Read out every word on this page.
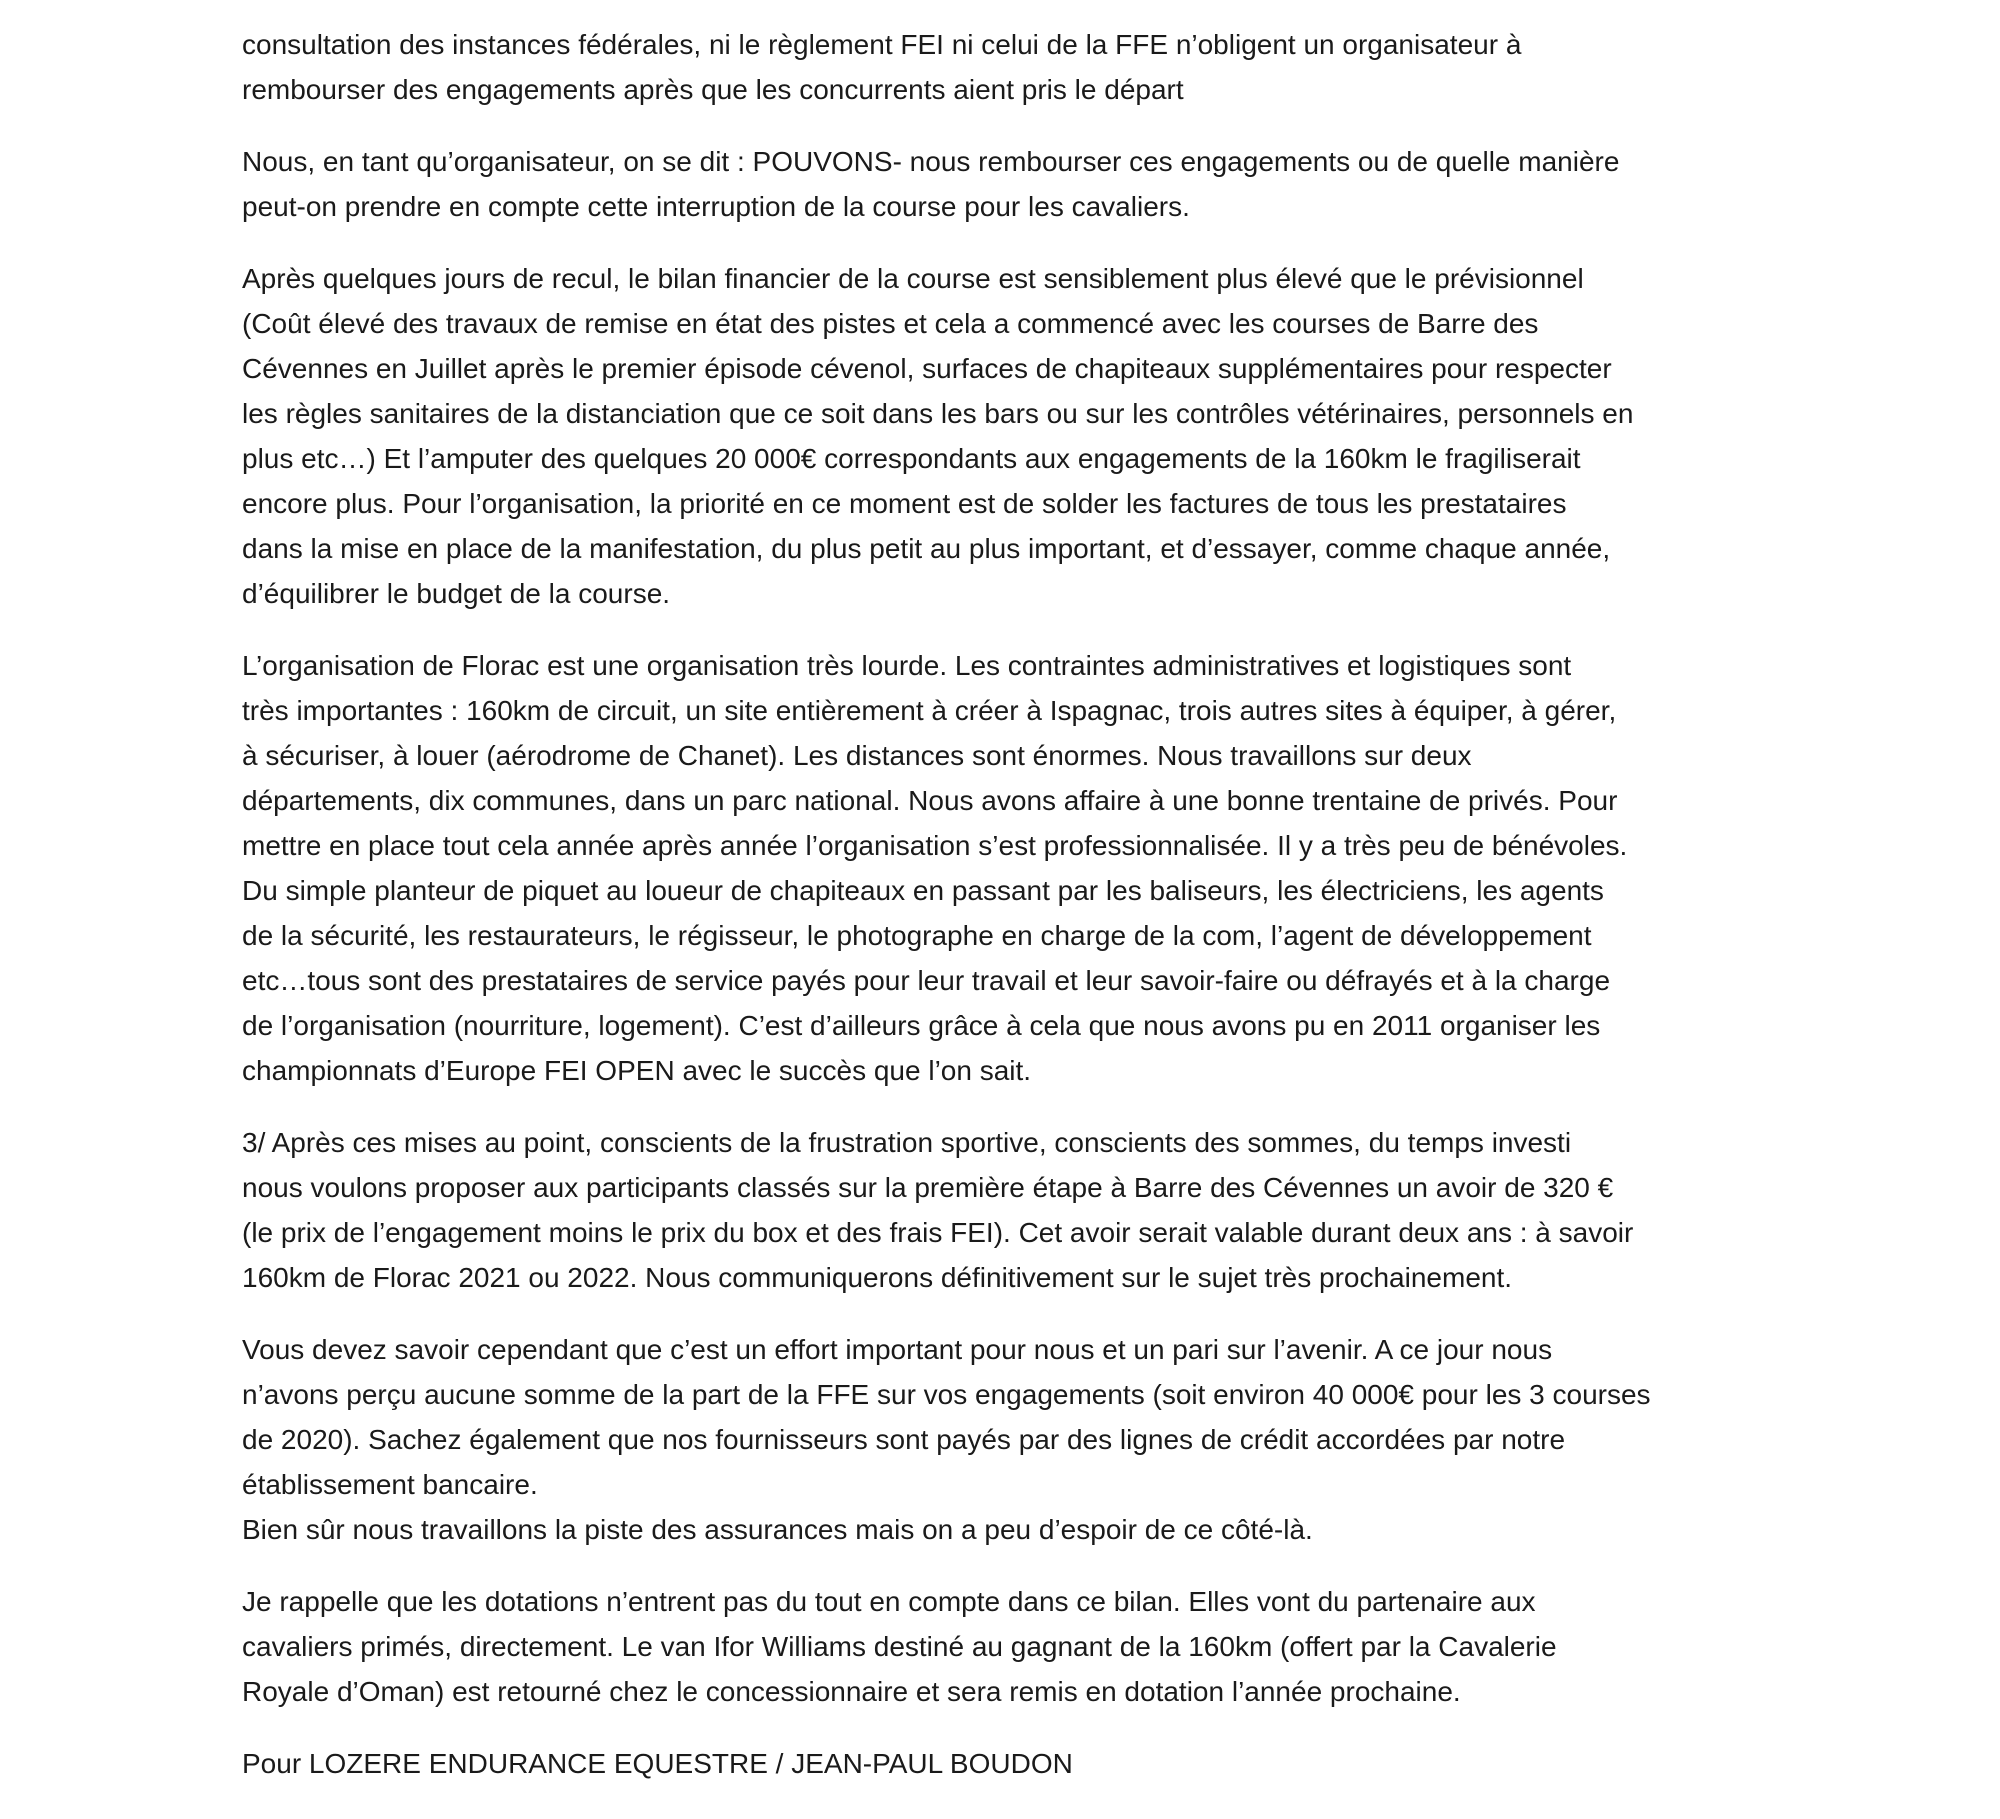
consultation des instances fédérales, ni le règlement FEI ni celui de la FFE n’obligent un organisateur à
rembourser des engagements après que les concurrents aient pris le départ

Nous, en tant qu’organisateur, on se dit : POUVONS- nous rembourser ces engagements ou de quelle manière
peut-on prendre en compte cette interruption de la course pour les cavaliers.

Après quelques jours de recul, le bilan financier de la course est sensiblement plus élevé que le prévisionnel
(Coût élevé des travaux de remise en état des pistes et cela a commencé avec les courses de Barre des
Cévennes en Juillet après le premier épisode cévenol, surfaces de chapiteaux supplémentaires pour respecter
les règles sanitaires de la distanciation que ce soit dans les bars ou sur les contrôles vétérinaires, personnels en
plus etc…) Et l’amputer des quelques 20 000€ correspondants aux engagements de la 160km le fragiliserait
encore plus. Pour l’organisation, la priorité en ce moment est de solder les factures de tous les prestataires
dans la mise en place de la manifestation, du plus petit au plus important, et d’essayer, comme chaque année,
d’équilibrer le budget de la course.

L’organisation de Florac est une organisation très lourde. Les contraintes administratives et logistiques sont
très importantes : 160km de circuit, un site entièrement à créer à Ispagnac, trois autres sites à équiper, à gérer,
à sécuriser, à louer (aérodrome de Chanet). Les distances sont énormes. Nous travaillons sur deux
départements, dix communes, dans un parc national. Nous avons affaire à une bonne trentaine de privés. Pour
mettre en place tout cela année après année l’organisation s’est professionnalisée. Il y a très peu de bénévoles.
Du simple planteur de piquet au loueur de chapiteaux en passant par les baliseurs, les électriciens, les agents
de la sécurité, les restaurateurs, le régisseur, le photographe en charge de la com, l’agent de développement
etc…tous sont des prestataires de service payés pour leur travail et leur savoir-faire ou défrayés et à la charge
de l’organisation (nourriture, logement). C’est d’ailleurs grâce à cela que nous avons pu en 2011 organiser les
championnats d’Europe FEI OPEN avec le succès que l’on sait.

3/ Après ces mises au point, conscients de la frustration sportive, conscients des sommes, du temps investi
nous voulons proposer aux participants classés sur la première étape à Barre des Cévennes un avoir de 320 €
(le prix de l’engagement moins le prix du box et des frais FEI). Cet avoir serait valable durant deux ans : à savoir
160km de Florac 2021 ou 2022. Nous communiquerons définitivement sur le sujet très prochainement.

Vous devez savoir cependant que c’est un effort important pour nous et un pari sur l’avenir. A ce jour nous
n’avons perçu aucune somme de la part de la FFE sur vos engagements (soit environ 40 000€ pour les 3 courses
de 2020). Sachez également que nos fournisseurs sont payés par des lignes de crédit accordées par notre
établissement bancaire.
Bien sûr nous travaillons la piste des assurances mais on a peu d’espoir de ce côté-là.

Je rappelle que les dotations n’entrent pas du tout en compte dans ce bilan. Elles vont du partenaire aux
cavaliers primés, directement. Le van Ifor Williams destiné au gagnant de la 160km (offert par la Cavalerie
Royale d’Oman) est retourné chez le concessionnaire et sera remis en dotation l’année prochaine.

Pour LOZERE ENDURANCE EQUESTRE / JEAN-PAUL BOUDON
